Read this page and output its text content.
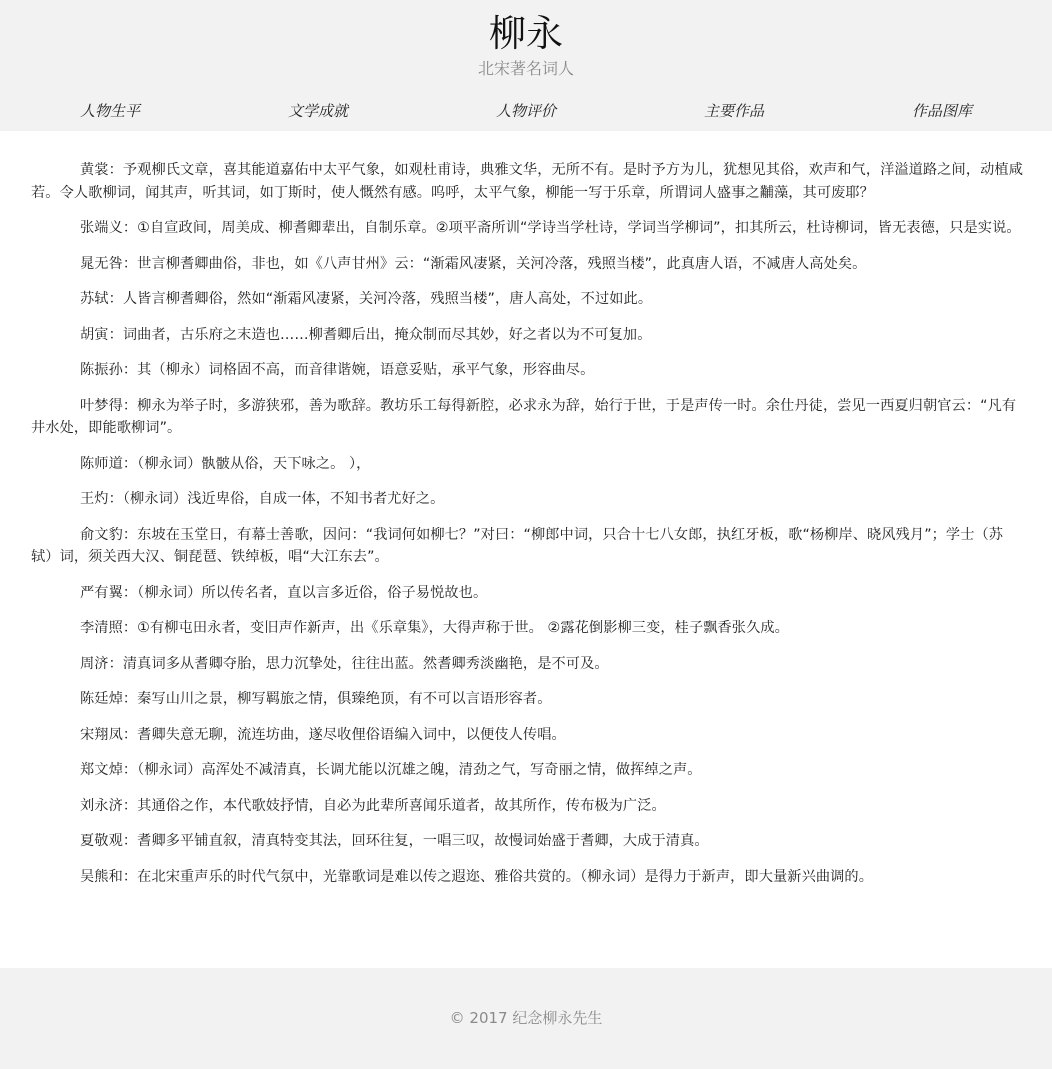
柳永
北宋著名词人
人物生平	文学成就	人物评价	主要作品	作品图库

黄裳：予观柳氏文章，喜其能道嘉佑中太平气象，如观杜甫诗，典雅文华，无所不有。是时予方为儿，犹想见其俗，欢声和气，洋溢道路之间，动植咸若。令人歌柳词，闻其声，听其词，如丁斯时，使人慨然有感。呜呼，太平气象，柳能一写于乐章，所谓词人盛事之黼藻，其可废耶？

张端义：①自宣政间，周美成、柳耆卿辈出，自制乐章。②项平斋所训“学诗当学杜诗，学词当学柳词”，扣其所云，杜诗柳词，皆无表德，只是实说。

晁无咎：世言柳耆卿曲俗，非也，如《八声甘州》云：“渐霜风凄紧，关河冷落，残照当楼”，此真唐人语，不减唐人高处矣。

苏轼：人皆言柳耆卿俗，然如“渐霜风凄紧，关河冷落，残照当楼”，唐人高处，不过如此。

胡寅：词曲者，古乐府之末造也……柳耆卿后出，掩众制而尽其妙，好之者以为不可复加。

陈振孙：其（柳永）词格固不高，而音律谐婉，语意妥贴，承平气象，形容曲尽。

叶梦得：柳永为举子时，多游狭邪，善为歌辞。教坊乐工每得新腔，必求永为辞，始行于世，于是声传一时。余仕丹徒，尝见一西夏归朝官云：“凡有井水处，即能歌柳词”。

陈师道：（柳永词）骫骳从俗，天下咏之。 ），

王灼：（柳永词）浅近卑俗，自成一体，不知书者尤好之。

俞文豹：东坡在玉堂日，有幕士善歌，因问：“我词何如柳七？”对曰：“柳郎中词，只合十七八女郎，执红牙板，歌“杨柳岸、晓风残月”；学士（苏轼）词，须关西大汉、铜琵琶、铁绰板，唱“大江东去”。

严有翼：（柳永词）所以传名者，直以言多近俗，俗子易悦故也。

李清照：①有柳屯田永者，变旧声作新声，出《乐章集》，大得声称于世。 ②露花倒影柳三变，桂子飘香张久成。

周济：清真词多从耆卿夺胎，思力沉挚处，往往出蓝。然耆卿秀淡幽艳，是不可及。

陈廷焯：秦写山川之景，柳写羁旅之情，俱臻绝顶，有不可以言语形容者。

宋翔凤：耆卿失意无聊，流连坊曲，遂尽收俚俗语编入词中，以便伎人传唱。

郑文焯：（柳永词）高浑处不减清真，长调尤能以沉雄之魄，清劲之气，写奇丽之情，做挥绰之声。

刘永济：其通俗之作，本代歌妓抒情，自必为此辈所喜闻乐道者，故其所作，传布极为广泛。

夏敬观：耆卿多平铺直叙，清真特变其法，回环往复，一唱三叹，故慢词始盛于耆卿，大成于清真。

吴熊和：在北宋重声乐的时代气氛中，光靠歌词是难以传之遐迩、雅俗共赏的。（柳永词）是得力于新声，即大量新兴曲调的。

© 2017 纪念柳永先生
